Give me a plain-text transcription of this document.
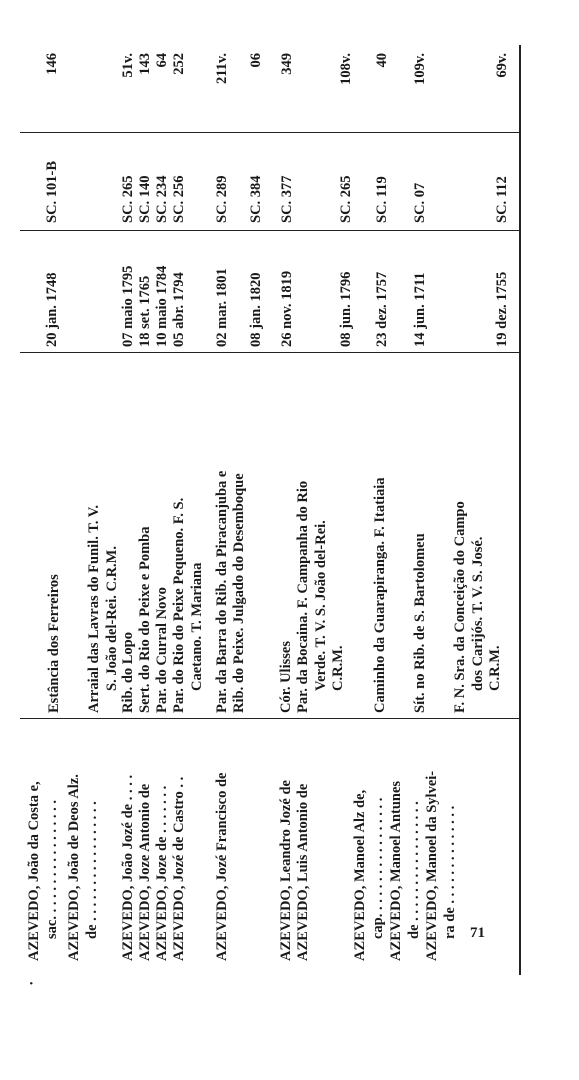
•
AZEVEDO, João da Costa e, sac. . . . . . . . . . . . . . . . .
Estância dos Ferreiros
20 jan. 1748
SC. 101-B
146
AZEVEDO, João de Deos Alz. de . . . . . . . . . . . . . . . . .
Arraial das Lavras do Funil. T. V. S. João del-Rei. C.R.M.
AZEVEDO, João Jozé de . . . .
Rib. do Lopo
07 maio 1795
SC. 265
51v.
AZEVEDO, Joze Antonio de
Sert. do Rio do Peixe e Pomba
18 set. 1765
SC. 140
143
AZEVEDO, Joze de . . . . . . .
Par. do Curral Novo
10 maio 1784
SC. 234
64
AZEVEDO, Jozé de Castro . .
Par. do Rio do Peixe Pequeno. F. S. Caetano. T. Mariana
05 abr. 1794
SC. 256
252
AZEVEDO, Jozé Francisco de
Par. da Barra do Rib. da Piracanjuba e
02 mar. 1801
SC. 289
211v.
Rib. do Peixe. Julgado do Desemboque
08 jan. 1820
SC. 384
06
AZEVEDO, Leandro Jozé de
Cór. Ulisses
AZEVEDO, Luis Antonio de
Par. da Bocaina. F. Campanha do Rio Verde. T. V. S. João del-Rei. C.R.M.
26 nov. 1819
SC. 377
349
AZEVEDO, Manoel Alz de, cap. . . . . . . . . . . . . . . . .
08 jun. 1796
SC. 265
108v.
AZEVEDO, Manoel Antunes de . . . . . . . . . . . . . . . . .
Caminho da Guarapiranga. F. Itatiaia
23 dez. 1757
SC. 119
40
AZEVEDO, Manoel da Sylvei- ra de . . . . . . . . . . . . . .
Sít. no Rib. de S. Bartolomeu
14 jun. 1711
SC. 07
109v.
F. N. Sra. da Conceição do Campo dos Carijós. T. V. S. José. C.R.M.
19 dez. 1755
SC. 112
69v.
71
